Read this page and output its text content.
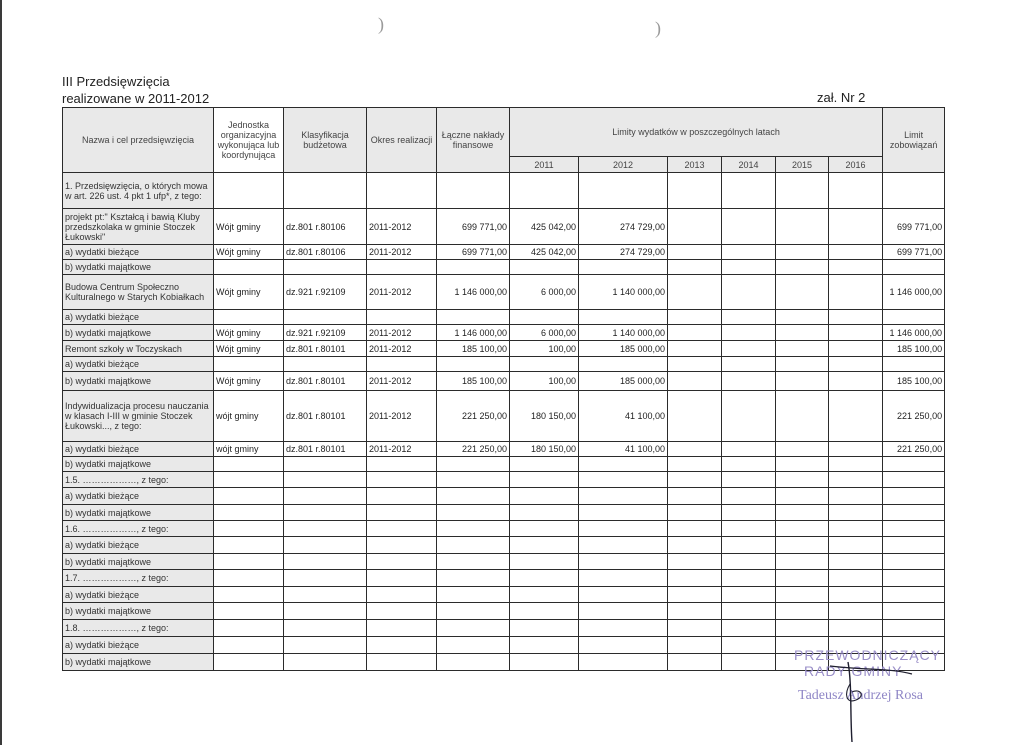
)	)
III Przedsięwzięcia
realizowane w 2011-2012	zał. Nr 2
Nazwa i cel przedsięwzięcia	Jednostka organizacyjna wykonująca lub koordynująca	Klasyfikacja budżetowa	Okres realizacji	Łączne nakłady finansowe	Limity wydatków w poszczególnych latach						Limit zobowiązań
					2011	2012	2013	2014	2015	2016	
1. Przedsięwzięcia, o których mowa w art. 226 ust. 4 pkt 1 ufp*, z tego:											
projekt pt:" Kształcą i bawią Kluby przedszkolaka w gminie Stoczek Łukowski"	Wójt gminy	dz.801 r.80106	2011-2012	699 771,00	425 042,00	274 729,00					699 771,00
a) wydatki bieżące	Wójt gminy	dz.801 r.80106	2011-2012	699 771,00	425 042,00	274 729,00					699 771,00
b) wydatki majątkowe											
Budowa Centrum Społeczno Kulturalnego w Starych Kobiałkach	Wójt gminy	dz.921 r.92109	2011-2012	1 146 000,00	6 000,00	1 140 000,00					1 146 000,00
a) wydatki bieżące											
b) wydatki majątkowe	Wójt gminy	dz.921 r.92109	2011-2012	1 146 000,00	6 000,00	1 140 000,00					1 146 000,00
Remont szkoły w Toczyskach	Wójt gminy	dz.801 r.80101	2011-2012	185 100,00	100,00	185 000,00					185 100,00
a) wydatki bieżące											
b) wydatki majątkowe	Wójt gminy	dz.801 r.80101	2011-2012	185 100,00	100,00	185 000,00					185 100,00
Indywidualizacja procesu nauczania w klasach I-III w gminie Stoczek Łukowski..., z tego:	wójt gminy	dz.801 r.80101	2011-2012	221 250,00	180 150,00	41 100,00					221 250,00
a) wydatki bieżące	wójt gminy	dz.801 r.80101	2011-2012	221 250,00	180 150,00	41 100,00					221 250,00
b) wydatki majątkowe											
1.5. ………………, z tego:											
a) wydatki bieżące											
b) wydatki majątkowe											
1.6. ………………, z tego:											
a) wydatki bieżące											
b) wydatki majątkowe											
1.7. ………………, z tego:											
a) wydatki bieżące											
b) wydatki majątkowe											
1.8. ………………, z tego:											
a) wydatki bieżące											
b) wydatki majątkowe												PRZEWODNICZĄCY
RADY GMINY
Tadeusz Andrzej Rosa
